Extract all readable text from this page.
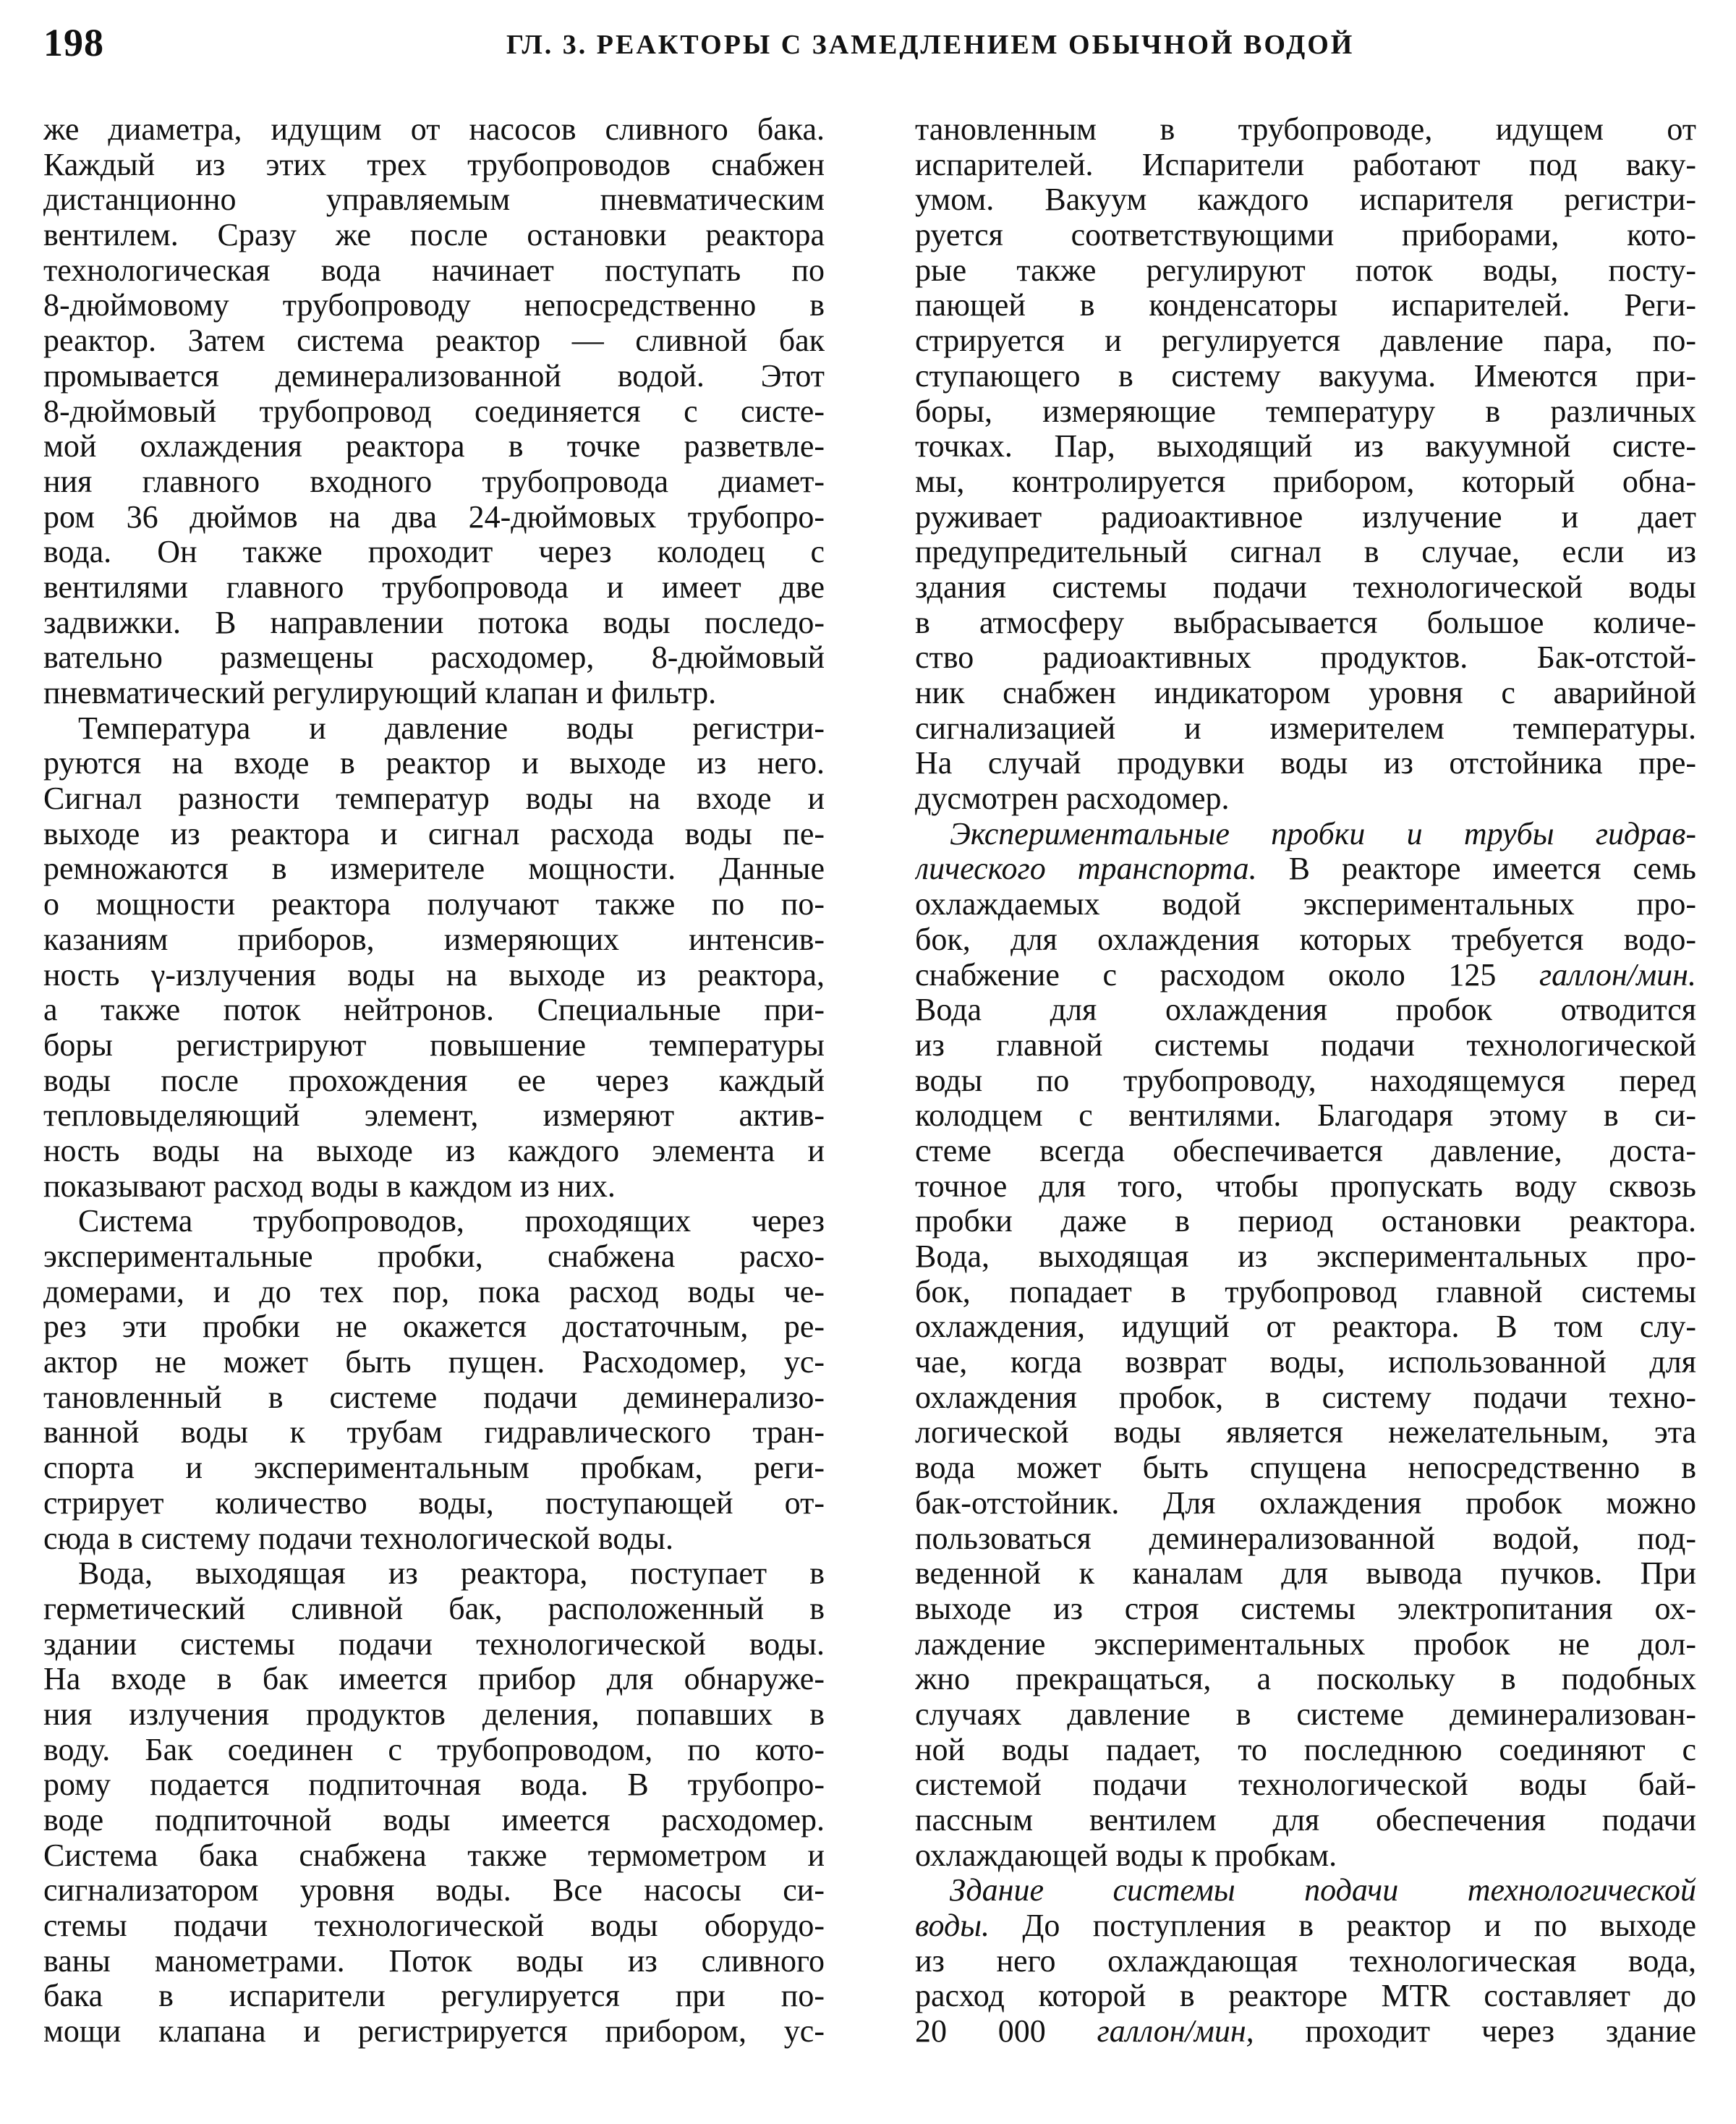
198	ГЛ. 3. РЕАКТОРЫ С ЗАМЕДЛЕНИЕМ ОБЫЧНОЙ ВОДОЙ
же диаметра, идущим от насосов сливного бака.
Каждый из этих трех трубопроводов снабжен
дистанционно управляемым пневматическим
вентилем. Сразу же после остановки реактора
технологическая вода начинает поступать по
8-дюймовому трубопроводу непосредственно в
реактор. Затем система реактор — сливной бак
промывается деминерализованной водой. Этот
8-дюймовый трубопровод соединяется с систе-
мой охлаждения реактора в точке разветвле-
ния главного входного трубопровода диамет-
ром 36 дюймов на два 24-дюймовых трубопро-
вода. Он также проходит через колодец с
вентилями главного трубопровода и имеет две
задвижки. В направлении потока воды последо-
вательно размещены расходомер, 8-дюймовый
пневматический регулирующий клапан и фильтр.
Температура и давление воды регистри-
руются на входе в реактор и выходе из него.
Сигнал разности температур воды на входе и
выходе из реактора и сигнал расхода воды пе-
ремножаются в измерителе мощности. Данные
о мощности реактора получают также по по-
казаниям приборов, измеряющих интенсив-
ность γ-излучения воды на выходе из реактора,
а также поток нейтронов. Специальные при-
боры регистрируют повышение температуры
воды после прохождения ее через каждый
тепловыделяющий элемент, измеряют актив-
ность воды на выходе из каждого элемента и
показывают расход воды в каждом из них.
Система трубопроводов, проходящих через
экспериментальные пробки, снабжена расхо-
домерами, и до тех пор, пока расход воды че-
рез эти пробки не окажется достаточным, ре-
актор не может быть пущен. Расходомер, ус-
тановленный в системе подачи деминерализо-
ванной воды к трубам гидравлического тран-
спорта и экспериментальным пробкам, реги-
стрирует количество воды, поступающей от-
сюда в систему подачи технологической воды.
Вода, выходящая из реактора, поступает в
герметический сливной бак, расположенный в
здании системы подачи технологической воды.
На входе в бак имеется прибор для обнаруже-
ния излучения продуктов деления, попавших в
воду. Бак соединен с трубопроводом, по кото-
рому подается подпиточная вода. В трубопро-
воде подпиточной воды имеется расходомер.
Система бака снабжена также термометром и
сигнализатором уровня воды. Все насосы си-
стемы подачи технологической воды оборудо-
ваны манометрами. Поток воды из сливного
бака в испарители регулируется при по-
мощи клапана и регистрируется прибором, ус-
тановленным в трубопроводе, идущем от
испарителей. Испарители работают под ваку-
умом. Вакуум каждого испарителя регистри-
руется соответствующими приборами, кото-
рые также регулируют поток воды, посту-
пающей в конденсаторы испарителей. Реги-
стрируется и регулируется давление пара, по-
ступающего в систему вакуума. Имеются при-
боры, измеряющие температуру в различных
точках. Пар, выходящий из вакуумной систе-
мы, контролируется прибором, который обна-
руживает радиоактивное излучение и дает
предупредительный сигнал в случае, если из
здания системы подачи технологической воды
в атмосферу выбрасывается большое количе-
ство радиоактивных продуктов. Бак-отстой-
ник снабжен индикатором уровня с аварийной
сигнализацией и измерителем температуры.
На случай продувки воды из отстойника пре-
дусмотрен расходомер.
Экспериментальные пробки и трубы гидрав-
лического транспорта. В реакторе имеется семь
охлаждаемых водой экспериментальных про-
бок, для охлаждения которых требуется водо-
снабжение с расходом около 125 галлон/мин.
Вода для охлаждения пробок отводится
из главной системы подачи технологической
воды по трубопроводу, находящемуся перед
колодцем с вентилями. Благодаря этому в си-
стеме всегда обеспечивается давление, доста-
точное для того, чтобы пропускать воду сквозь
пробки даже в период остановки реактора.
Вода, выходящая из экспериментальных про-
бок, попадает в трубопровод главной системы
охлаждения, идущий от реактора. В том слу-
чае, когда возврат воды, использованной для
охлаждения пробок, в систему подачи техно-
логической воды является нежелательным, эта
вода может быть спущена непосредственно в
бак-отстойник. Для охлаждения пробок можно
пользоваться деминерализованной водой, под-
веденной к каналам для вывода пучков. При
выходе из строя системы электропитания ох-
лаждение экспериментальных пробок не дол-
жно прекращаться, а поскольку в подобных
случаях давление в системе деминерализован-
ной воды падает, то последнюю соединяют с
системой подачи технологической воды бай-
пассным вентилем для обеспечения подачи
охлаждающей воды к пробкам.
Здание системы подачи технологической
воды. До поступления в реактор и по выходе
из него охлаждающая технологическая вода,
расход которой в реакторе MTR составляет до
20 000 галлон/мин, проходит через здание
